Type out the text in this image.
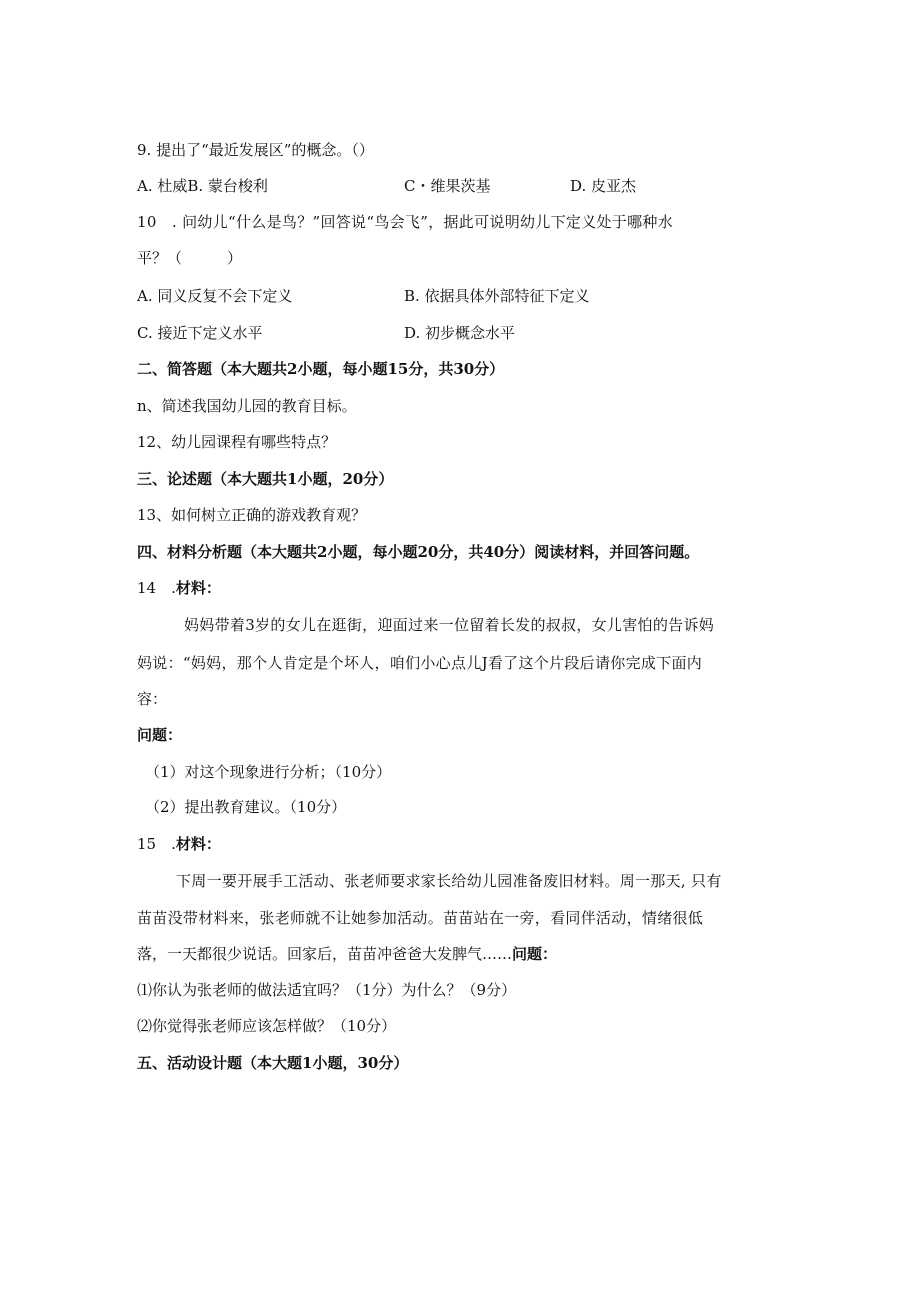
9. 提出了“最近发展区”的概念。（）
A. 杜威B. 蒙台梭利	C・维果茨基	D. 皮亚杰
10　. 问幼儿“什么是鸟？”回答说“鸟会飞”，据此可说明幼儿下定义处于哪种水
平？（　　　）
A. 同义反复不会下定义	B. 依据具体外部特征下定义
C. 接近下定义水平	D. 初步概念水平
二、简答题（本大题共2小题，每小题15分，共30分）
n、简述我国幼儿园的教育目标。
12、幼儿园课程有哪些特点？
三、论述题（本大题共1小题，20分）
13、如何树立正确的游戏教育观？
四、材料分析题（本大题共2小题，每小题20分，共40分）阅读材料，并回答问题。
14　.材料：
妈妈带着3岁的女儿在逛街，迎面过来一位留着长发的叔叔，女儿害怕的告诉妈
妈说：“妈妈，那个人肯定是个坏人，咱们小心点儿J看了这个片段后请你完成下面内
容：
问题：
（1）对这个现象进行分析；（10分）
（2）提出教育建议。（10分）
15　.材料：
下周一要开展手工活动、张老师要求家长给幼儿园准备废旧材料。周一那天, 只有
苗苗没带材料来，张老师就不让她参加活动。苗苗站在一旁，看同伴活动，情绪很低
落，一天都很少说话。回家后，苗苗冲爸爸大发脾气……问题：
⑴你认为张老师的做法适宜吗？（1分）为什么？（9分）
⑵你觉得张老师应该怎样做？（10分）
五、活动设计题（本大题1小题，30分）
